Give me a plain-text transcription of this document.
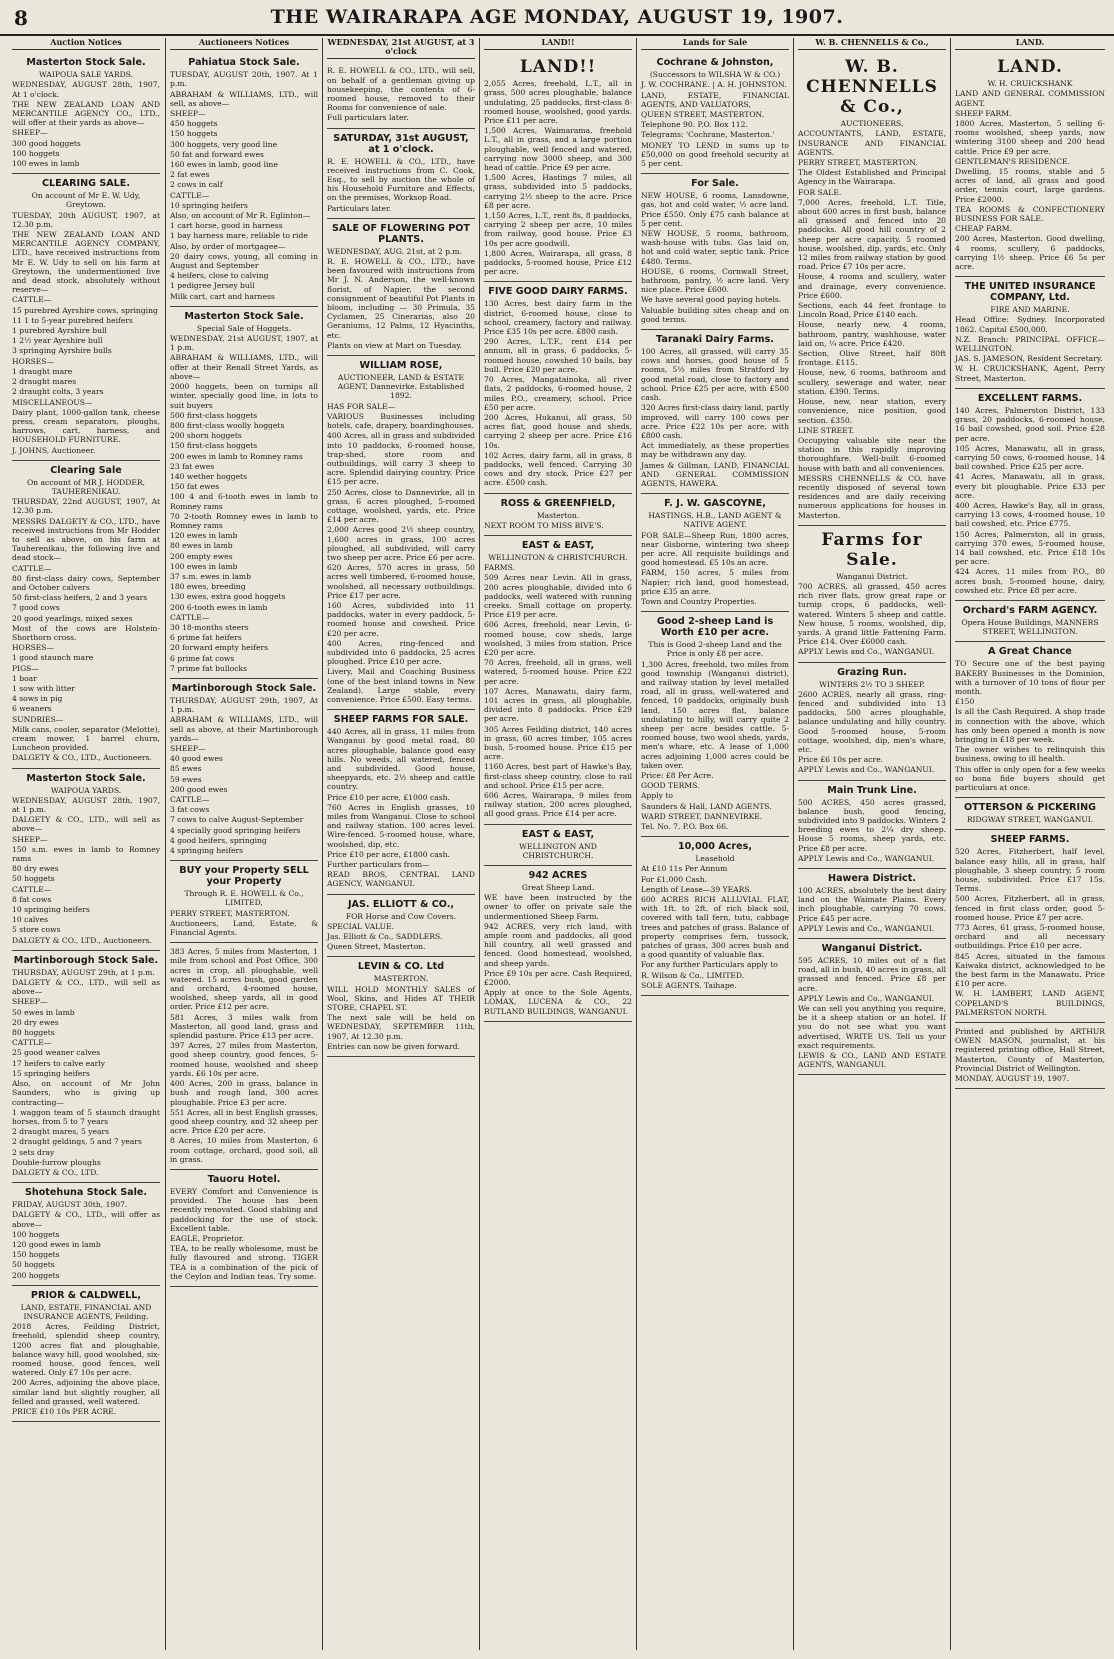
8	THE WAIRARAPA AGE MONDAY, AUGUST 19, 1907.
Auction Notices
Masterton Stock Sale.
WAIPOUA SALE YARDS.

WEDNESDAY, AUGUST 28th, 1907, At 1 o'clock.

THE NEW ZEALAND LOAN AND MERCANTILE AGENCY CO., LTD., will offer at their yards as above—

SHEEP—

300 good hoggets

100 hoggets

100 ewes in lamb

CLEARING SALE.
On account of Mr E. W. Udy, Greytown.

TUESDAY, 20th AUGUST, 1907, at 12.30 p.m.

THE NEW ZEALAND LOAN AND MERCANTILE AGENCY COMPANY, LTD., have received instructions from Mr E. W. Udy to sell on his farm at Greytown, the undermentioned live and dead stock, absolutely without reserve—

CATTLE—

15 purebred Ayrshire cows, springing

11 1 to 5-year purebred heifers

1 purebred Ayrshire bull

1 2½ year Ayrshire bull

3 springing Ayrshire bulls

HORSES—

1 draught mare

2 draught mares

2 draught colts, 3 years

MISCELLANEOUS—

Dairy plant, 1000-gallon tank, cheese press, cream separators, ploughs, harrows, cart, harness, and HOUSEHOLD FURNITURE.

J. JOHNS, Auctioneer.

Clearing Sale
On account of MR J. HODDER, TAUHERENIKAU.

THURSDAY, 22nd AUGUST, 1907, At 12.30 p.m.

MESSRS DALGETY & CO., LTD., have received instructions from Mr Hodder to sell as above, on his farm at Tauherenikau, the following live and dead stock—

CATTLE—

80 first-class dairy cows, September and October calvers

50 first-class heifers, 2 and 3 years

7 good cows

20 good yearlings, mixed sexes

Most of the cows are Holstein-Shorthorn cross.

HORSES—

1 good staunch mare

PIGS—

1 boar

1 sow with litter

4 sows in pig

6 weaners

SUNDRIES—

Milk cans, cooler, separator (Melotte), cream mower, 1 barrel churn, Luncheon provided.

DALGETY & CO., LTD., Auctioneers.

Masterton Stock Sale.
WAIPOUA YARDS.

WEDNESDAY, AUGUST 28th, 1907, at 1 p.m.

DALGETY & CO., LTD., will sell as above—

SHEEP—

150 s.m. ewes in lamb to Romney rams

80 dry ewes

50 hoggets

CATTLE—

8 fat cows

10 springing heifers

10 calves

5 store cows

DALGETY & CO., LTD., Auctioneers.

Martinborough Stock Sale.

THURSDAY, AUGUST 29th, at 1 p.m.

DALGETY & CO., LTD., will sell as above—

SHEEP—

50 ewes in lamb

20 dry ewes

80 hoggets

CATTLE—

25 good weaner calves

17 heifers to calve early

15 springing heifers

Also, on account of Mr John Saunders, who is giving up contracting—

1 waggon team of 5 staunch draught horses, from 5 to 7 years

2 draught mares, 5 years

2 draught geldings, 5 and 7 years

2 sets dray

Double-furrow ploughs

DALGETY & CO., LTD.

Shotehuna Stock Sale.

FRIDAY, AUGUST 30th, 1907.

DALGETY & CO., LTD., will offer as above—

100 hoggets

120 good ewes in lamb

150 hoggets

50 hoggets

200 hoggets

PRIOR & CALDWELL,
LAND, ESTATE, FINANCIAL AND INSURANCE AGENTS, Feilding.

2018 Acres, Feilding District, freehold, splendid sheep country, 1200 acres flat and ploughable, balance wavy hill, good woolshed, six-roomed house, good fences, well watered. Only £7 10s per acre.

200 Acres, adjoining the above place, similar land but slightly rougher, all felled and grassed, well watered.

PRICE £10 10s PER ACRE.

Auctioneers Notices
Pahiatua Stock Sale.

TUESDAY, AUGUST 20th, 1907. At 1 p.m.

ABRAHAM & WILLIAMS, LTD., will sell, as above—

SHEEP—

450 hoggets

150 hoggets

300 hoggets, very good line

50 fat and forward ewes

160 ewes in lamb, good line

2 fat ewes

2 cows in calf

CATTLE—

10 springing heifers

Also, on account of Mr R. Eglinton—

1 cart horse, good in harness

1 bay harness mare, reliable to ride

Also, by order of mortgagee—

20 dairy cows, young, all coming in August and September

4 heifers, close to calving

1 pedigree Jersey bull

Milk cart, cart and harness

Masterton Stock Sale.
Special Sale of Hoggets.

WEDNESDAY, 21st AUGUST, 1907, at 1 p.m.

ABRAHAM & WILLIAMS, LTD., will offer at their Renall Street Yards, as above—

2000 hoggets, been on turnips all winter, specially good line, in lots to suit buyers

500 first-class hoggets

800 first-class woolly hoggets

200 shorn hoggets

150 first-class hoggets

200 ewes in lamb to Romney rams

23 fat ewes

140 wether hoggets

150 fat ewes

100 4 and 6-tooth ewes in lamb to Romney rams

70 2-tooth Romney ewes in lamb to Romney rams

120 ewes in lamb

80 ewes in lamb

200 empty ewes

100 ewes in lamb

37 s.m. ewes in lamb

180 ewes, breeding

130 ewes, extra good hoggets

200 6-tooth ewes in lamb

CATTLE—

30 18-months steers

6 prime fat heifers

20 forward empty heifers

6 prime fat cows

7 prime fat bullocks

Martinborough Stock Sale.

THURSDAY, AUGUST 29th, 1907, At 1 p.m.

ABRAHAM & WILLIAMS, LTD., will sell as above, at their Martinborough yards—

SHEEP—

40 good ewes

85 ewes

59 ewes

200 good ewes

CATTLE—

3 fat cows

7 cows to calve August-September

4 specially good springing heifers

4 good heifers, springing

4 springing heifers

BUY your Property SELL your Property
Through R. E. HOWELL & Co., LIMITED,

PERRY STREET, MASTERTON.

Auctioneers, Land, Estate, & Financial Agents.

383 Acres, 5 miles from Masterton, 1 mile from school and Post Office, 300 acres in crop, all ploughable, well watered. 15 acres bush, good garden and orchard, 4-roomed house, woolshed, sheep yards, all in good order. Price £12 per acre.

581 Acres, 3 miles walk from Masterton, all good land, grass and splendid pasture. Price £13 per acre.

397 Acres, 27 miles from Masterton, good sheep country, good fences, 5-roomed house, woolshed and sheep yards. £6 10s per acre.

400 Acres, 200 in grass, balance in bush and rough land, 300 acres ploughable. Price £3 per acre.

551 Acres, all in best English grasses, good sheep country, and 32 sheep per acre. Price £20 per acre.

8 Acres, 10 miles from Masterton, 6 room cottage, orchard, good soil, all in grass.

Tauoru Hotel.

EVERY Comfort and Convenience is provided. The house has been recently renovated. Good stabling and paddocking for the use of stock. Excellent table.

EAGLE, Proprietor.

TEA, to be really wholesome, must be fully flavoured and strong. TIGER TEA is a combination of the pick of the Ceylon and Indian teas. Try some.

WEDNESDAY, 21st AUGUST, at 3 o'clock

R. E. HOWELL & CO., LTD., will sell, on behalf of a gentleman giving up housekeeping, the contents of 6-roomed house, removed to their Rooms for convenience of sale.

Full particulars later.

SATURDAY, 31st AUGUST, at 1 o'clock.

R. E. HOWELL & CO., LTD., have received instructions from C. Cook, Esq., to sell by auction the whole of his Household Furniture and Effects, on the premises, Worksop Road.

Particulars later.

SALE OF FLOWERING POT PLANTS.

WEDNESDAY, AUG. 21st, at 2 p.m.

R. E. HOWELL & CO., LTD., have been favoured with instructions from Mr J. N. Anderson, the well-known florist, of Napier, the second consignment of beautiful Pot Plants in bloom, including — 30 Primula, 35 Cyclamen, 25 Cinerarias, also 20 Geraniums, 12 Palms, 12 Hyacinths, etc.

Plants on view at Mart on Tuesday.

WILLIAM ROSE,
AUCTIONEER, LAND & ESTATE AGENT, Dannevirke. Established 1892.

HAS FOR SALE—

VARIOUS Businesses including hotels, cafe, drapery, boardinghouses.

400 Acres, all in grass and subdivided into 10 paddocks, 6-roomed house, trap-shed, store room and outbuildings, will carry 3 sheep to acre. Splendid dairying country. Price £15 per acre.

250 Acres, close to Dannevirke, all in grass, 6 acres ploughed, 5-roomed cottage, woolshed, yards, etc. Price £14 per acre.

2,000 Acres good 2½ sheep country, 1,600 acres in grass, 100 acres ploughed, all subdivided, will carry two sheep per acre. Price £6 per acre.

620 Acres, 570 acres in grass, 50 acres well timbered, 6-roomed house, woolshed, all necessary outbuildings. Price £17 per acre.

160 Acres, subdivided into 11 paddocks, water in every paddock, 5-roomed house and cowshed. Price £20 per acre.

400 Acres, ring-fenced and subdivided into 6 paddocks, 25 acres ploughed. Price £10 per acre.

Livery, Mail and Coaching Business (one of the best inland towns in New Zealand). Large stable, every convenience. Price £500. Easy terms.

SHEEP FARMS FOR SALE.

440 Acres, all in grass, 11 miles from Wanganui by good metal road, 80 acres ploughable, balance good easy hills. No weeds, all watered, fenced and subdivided. Good house, sheepyards, etc. 2½ sheep and cattle country.

Price £10 per acre, £1000 cash.

760 Acres in English grasses, 10 miles from Wanganui. Close to school and railway station. 100 acres level. Wire-fenced. 5-roomed house, whare, woolshed, dip, etc.

Price £10 per acre, £1800 cash.

Further particulars from—

READ BROS, CENTRAL LAND AGENCY, WANGANUI.

JAS. ELLIOTT & CO.,
FOR Horse and Cow Covers.

SPECIAL VALUE.

Jas. Elliott & Co., SADDLERS.

Queen Street, Masterton.

LEVIN & CO. Ltd
MASTERTON.

WILL HOLD MONTHLY SALES of Wool, Skins, and Hides AT THEIR STORE, CHAPEL ST.

The next sale will be held on WEDNESDAY, SEPTEMBER 11th, 1907, At 12.30 p.m.

Entries can now be given forward.

LAND!!
LAND!!

2,055 Acres, freehold, L.T., all in grass, 500 acres ploughable, balance undulating, 25 paddocks, first-class 8-roomed house, woolshed, good yards. Price £11 per acre.

1,500 Acres, Waimarama, freehold L.T., all in grass, and a large portion ploughable, well fenced and watered, carrying now 3000 sheep, and 300 head of cattle. Price £9 per acre.

1,500 Acres, Hastings 7 miles, all grass, subdivided into 5 paddocks, carrying 2½ sheep to the acre. Price £8 per acre.

1,150 Acres, L.T., rent 8s, 8 paddocks, carrying 2 sheep per acre, 10 miles from railway, good house. Price £3 10s per acre goodwill.

1,800 Acres, Wairarapa, all grass, 8 paddocks, 5-roomed house, Price £12 per acre.

FIVE GOOD DAIRY FARMS.

130 Acres, best dairy farm in the district, 6-roomed house, close to school, creamery, factory and railway. Price £35 10s per acre. £800 cash.

290 Acres, L.T.F., rent £14 per annum, all in grass, 6 paddocks, 5-roomed house, cowshed 10 bails, bay bull. Price £20 per acre.

70 Acres, Mangatainoka, all river flats, 2 paddocks, 6-roomed house, 2 miles P.O., creamery, school. Price £50 per acre.

200 Acres, Hukanui, all grass, 50 acres flat, good house and sheds, carrying 2 sheep per acre. Price £16 10s.

102 Acres, dairy farm, all in grass, 8 paddocks, well fenced. Carrying 30 cows and dry stock. Price £27 per acre. £500 cash.

ROSS & GREENFIELD,
Masterton.

NEXT ROOM TO MISS BIVE'S.

EAST & EAST,
WELLINGTON & CHRISTCHURCH.

FARMS.

509 Acres near Levin. All in grass, 200 acres ploughable, divided into 6 paddocks, well watered with running creeks. Small cottage on property. Price £19 per acre.

606 Acres, freehold, near Levin, 6-roomed house, cow sheds, large woolshed, 3 miles from station. Price £20 per acre.

70 Acres, freehold, all in grass, well watered, 5-roomed house. Price £22 per acre.

107 Acres, Manawatu, dairy farm, 101 acres in grass, all ploughable, divided into 8 paddocks. Price £29 per acre.

305 Acres Feilding district, 140 acres in grass, 60 acres timber, 105 acres bush, 5-roomed house. Price £15 per acre.

1160 Acres, best part of Hawke's Bay, first-class sheep country, close to rail and school. Price £15 per acre.

606 Acres, Wairarapa, 9 miles from railway station, 200 acres ploughed, all good grass. Price £14 per acre.

EAST & EAST,
WELLINGTON AND CHRISTCHURCH.
942 ACRES
Great Sheep Land.

WE have been instructed by the owner to offer on private sale the undermentioned Sheep Farm.

942 ACRES, very rich land, with ample room and paddocks, all good hill country, all well grassed and fenced. Good homestead, woolshed, and sheep yards.

Price £9 10s per acre. Cash Required, £2000.

Apply at once to the Sole Agents, LOMAX, LUCENA & CO., 22 RUTLAND BUILDINGS, WANGANUI.

Lands for Sale
Cochrane & Johnston,
(Successors to WILSHA W & CO.)

J. W. COCHRANE. | A. H. JOHNSTON.

LAND, ESTATE, FINANCIAL AGENTS, AND VALUATORS,

QUEEN STREET, MASTERTON.

Telephone 90. P.O. Box 112.

Telegrams: 'Cochrane, Masterton.'

MONEY TO LEND in sums up to £50,000 on good freehold security at 5 per cent.

For Sale.

NEW HOUSE, 6 rooms, Lansdowne, gas, hot and cold water, ½ acre land. Price £550. Only £75 cash balance at 5 per cent.

NEW HOUSE, 5 rooms, bathroom, wash-house with tubs. Gas laid on, hot and cold water, septic tank. Price £480. Terms.

HOUSE, 6 rooms, Cornwall Street, bathroom, pantry, ½ acre land. Very nice place. Price £600.

We have several good paying hotels.

Valuable building sites cheap and on good terms.

Taranaki Dairy Farms.

100 Acres, all grassed, will carry 35 cows and horses, good house of 5 rooms, 5½ miles from Stratford by good metal road, close to factory and school. Price £25 per acre, with £500 cash.

320 Acres first-class dairy land, partly improved, will carry 100 cows per acre. Price £22 10s per acre, with £800 cash.

Act immediately, as these properties may be withdrawn any day.

James & Gillman, LAND, FINANCIAL AND GENERAL COMMISSION AGENTS, HAWERA.

F. J. W. GASCOYNE,
HASTINGS, H.B., LAND AGENT & NATIVE AGENT.

FOR SALE—Sheep Run, 1800 acres, near Gisborne, wintering two sheep per acre. All requisite buildings and good homestead. £5 10s an acre.

FARM, 150 acres, 5 miles from Napier; rich land, good homestead, price £35 an acre.

Town and Country Properties.

Good 2-sheep Land is Worth £10 per acre.
This is Good 2-sheep Land and the Price is only £8 per acre.

1,300 Acres, freehold, two miles from good township (Wanganui district), and railway station by level metalled road, all in grass, well-watered and fenced, 10 paddocks, originally bush land, 150 acres flat, balance undulating to hilly, will carry quite 2 sheep per acre besides cattle. 5-roomed house, two wool sheds, yards, men's whare, etc. A lease of 1,000 acres adjoining 1,000 acres could be taken over.

Price: £8 Per Acre.

GOOD TERMS.

Apply to

Saunders & Hall, LAND AGENTS.

WARD STREET, DANNEVIRKE.

Tel. No. 7. P.O. Box 66.

10,000 Acres,
Leasehold

At £10 11s Per Annum

For £1,000 Cash.

Length of Lease—39 YEARS.

600 ACRES RICH ALLUVIAL FLAT, with 1ft. to 2ft. of rich black soil, covered with tall fern, tutu, cabbage trees and patches of grass. Balance of property comprises fern, tussock, patches of grass, 300 acres bush and a good quantity of valuable flax.

For any further Particulars apply to

R. Wilson & Co., LIMITED.

SOLE AGENTS. Taihape.

W. B. CHENNELLS & Co.,
W. B. CHENNELLS & Co.,
AUCTIONEERS,

ACCOUNTANTS, LAND, ESTATE, INSURANCE AND FINANCIAL AGENTS.

PERRY STREET, MASTERTON.

The Oldest Established and Principal Agency in the Wairarapa.

FOR SALE.

7,000 Acres, freehold, L.T. Title, about 600 acres in first bush, balance all grassed and fenced into 20 paddocks. All good hill country of 2 sheep per acre capacity. 5 roomed house, woolshed, dip, yards, etc. Only 12 miles from railway station by good road. Price £7 10s per acre.

House, 4 rooms and scullery, water and drainage, every convenience. Price £600.

Sections, each 44 feet frontage to Lincoln Road, Price £140 each.

House, nearly new, 4 rooms, bathroom, pantry, washhouse, water laid on, ¼ acre. Price £420.

Section, Olive Street, half 80ft frontage. £115.

House, new, 6 rooms, bathroom and scullery, sewerage and water, near station. £390. Terms.

House, new, near station, every convenience, nice position, good section. £350.

LINE STREET.

Occupying valuable site near the station in this rapidly improving thoroughfare. Well-built 6-roomed house with bath and all conveniences.

MESSRS CHENNELLS & CO. have recently disposed of several town residences and are daily receiving numerous applications for houses in Masterton.

Farms for Sale.
Wanganui District.

700 ACRES, all grassed, 450 acres rich river flats, grow great rape or turnip crops, 6 paddocks, well-watered. Winters 5 sheep and cattle. New house, 5 rooms, woolshed, dip, yards. A grand little Fattening Farm. Price £14. Over £6000 cash.

APPLY Lewis and Co., WANGANUI.

Grazing Run.
WINTERS 2½ TO 3 SHEEP.

2600 ACRES, nearly all grass, ring-fenced and subdivided into 13 paddocks, 500 acres ploughable, balance undulating and hilly country. Good 5-roomed house, 5-room cottage, woolshed, dip, men's whare, etc.

Price £6 10s per acre.

APPLY Lewis and Co., WANGANUI.

Main Trunk Line.

500 ACRES, 450 acres grassed, balance bush, good fencing, subdivided into 9 paddocks. Winters 2 breeding ewes to 2¼ dry sheep. House 5 rooms, sheep yards, etc. Price £8 per acre.

APPLY Lewis and Co., WANGANUI.

Hawera District.

100 ACRES, absolutely the best dairy land on the Waimate Plains. Every inch ploughable, carrying 70 cows. Price £45 per acre.

APPLY Lewis and Co., WANGANUI.

Wanganui District.

595 ACRES, 10 miles out of a flat road, all in bush, 40 acres in grass, all grassed and fenced. Price £8 per acre.

APPLY Lewis and Co., WANGANUI.

We can sell you anything you require, be it a sheep station or an hotel. If you do not see what you want advertised, WRITE US. Tell us your exact requirements.

LEWIS & CO., LAND AND ESTATE AGENTS, WANGANUI.

LAND.
LAND.
W. H. CRUICKSHANK

LAND AND GENERAL COMMISSION AGENT.

SHEEP FARM.

1800 Acres, Masterton, 5 selling 6-rooms woolshed, sheep yards, now wintering 3100 sheep and 200 head cattle. Price £9 per acre.

GENTLEMAN'S RESIDENCE.

Dwelling, 15 rooms, stable and 5 acres of land, all grass and good order, tennis court, large gardens. Price £2000.

TEA ROOMS & CONFECTIONERY BUSINESS FOR SALE.

CHEAP FARM.

200 Acres, Masterton. Good dwelling, 4 rooms, scullery, 6 paddocks, carrying 1½ sheep. Price £6 5s per acre.

THE UNITED INSURANCE COMPANY, Ltd.
FIRE AND MARINE.

Head Office: Sydney. Incorporated 1862. Capital £500,000.

N.Z. Branch: PRINCIPAL OFFICE—WELLINGTON.

JAS. S. JAMESON, Resident Secretary.

W. H. CRUICKSHANK, Agent, Perry Street, Masterton.

EXCELLENT FARMS.

140 Acres, Palmerston District, 133 grass, 20 paddocks, 6-roomed house, 16 bail cowshed, good soil. Price £28 per acre.

105 Acres, Manawatu, all in grass, carrying 50 cows, 6-roomed house, 14 bail cowshed. Price £25 per acre.

41 Acres, Manawatu, all in grass, every bit ploughable. Price £33 per acre.

400 Acres, Hawke's Bay, all in grass, carrying 13 cows, 4-roomed house, 10 bail cowshed, etc. Price £775.

150 Acres, Palmerston, all in grass, carrying 370 ewes, 5-roomed house, 14 bail cowshed, etc. Price £18 10s per acre.

424 Acres, 11 miles from P.O., 80 acres bush, 5-roomed house, dairy, cowshed etc. Price £8 per acre.

Orchard's FARM AGENCY.
Opera House Buildings, MANNERS STREET, WELLINGTON.
A Great Chance

TO Secure one of the best paying BAKERY Businesses in the Dominion, with a turnover of 10 tons of flour per month.

£150

Is all the Cash Required. A shop trade in connection with the above, which has only been opened a month is now bringing in £18 per week.

The owner wishes to relinquish this business, owing to ill health.

This offer is only open for a few weeks so bona fide buyers should get particulars at once.

OTTERSON & PICKERING
RIDGWAY STREET, WANGANUI.
SHEEP FARMS.

520 Acres, Fitzherbert, half level, balance easy hills, all in grass, half ploughable, 3 sheep country, 5 room house, subdivided. Price £17 15s. Terms.

500 Acres, Fitzherbert, all in grass, fenced in first class order, good 5-roomed house. Price £7 per acre.

773 Acres, 61 grass, 5-roomed house, orchard and all necessary outbuildings. Price £10 per acre.

845 Acres, situated in the famous Kaiwaka district, acknowledged to be the best farm in the Manawatu. Price £10 per acre.

W. H. LAMBERT, LAND AGENT, COPELAND'S BUILDINGS, PALMERSTON NORTH.

Printed and published by ARTHUR OWEN MASON, journalist, at his registered printing office, Hall Street, Masterton, County of Masterton, Provincial District of Wellington.

MONDAY, AUGUST 19, 1907.
